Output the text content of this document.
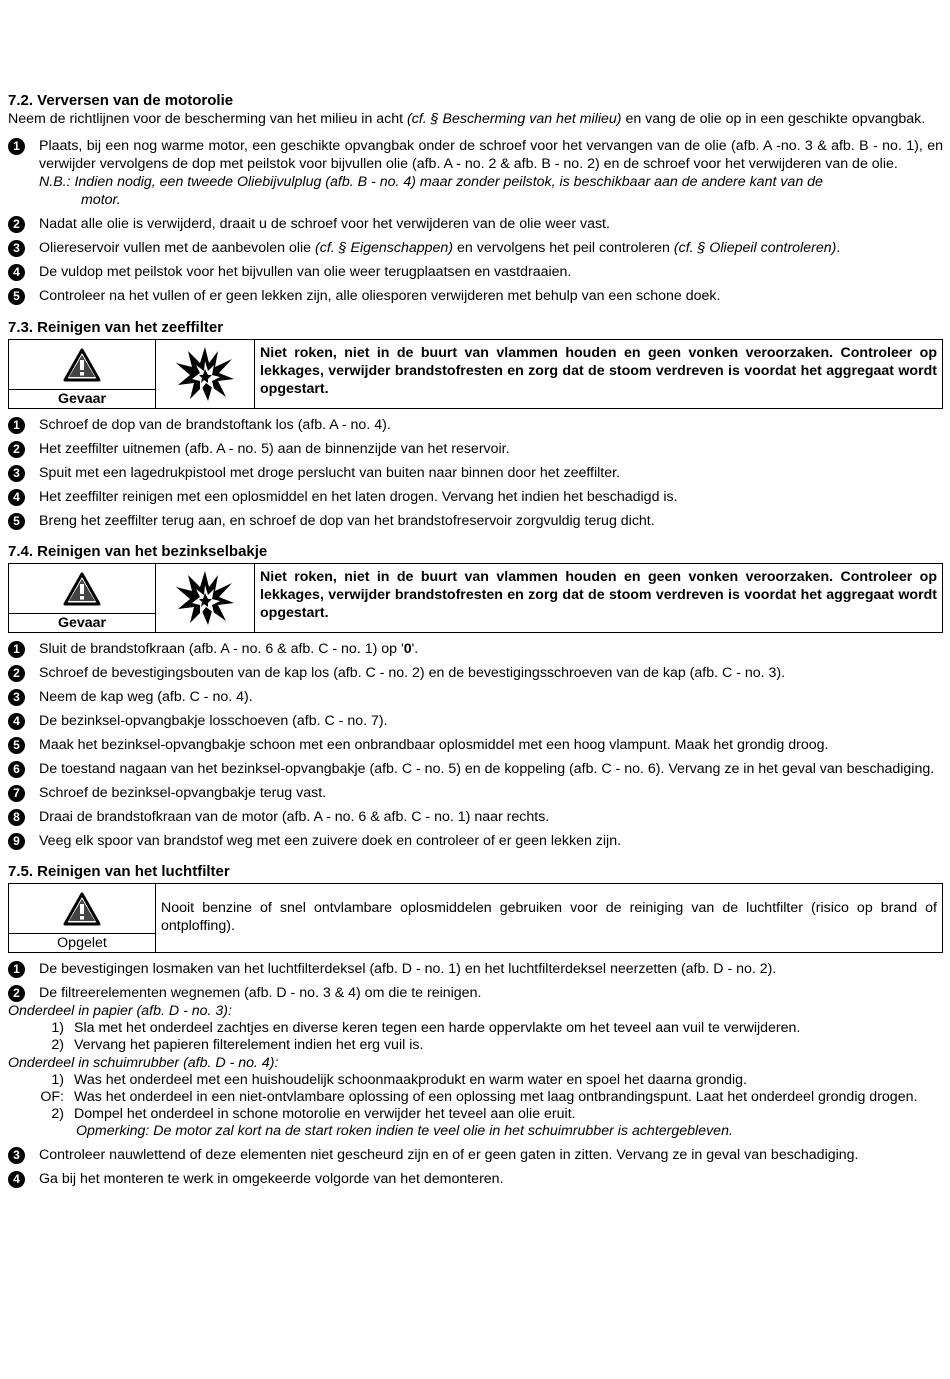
7.2. Verversen van de motorolie

Neem de richtlijnen voor de bescherming van het milieu in acht (cf. § Bescherming van het milieu) en vang de olie op in een geschikte opvangbak.

1	Plaats, bij een nog warme motor, een geschikte opvangbak onder de schroef voor het vervangen van de olie (afb. A -no. 3 & afb. B - no. 1), en verwijder vervolgens de dop met peilstok voor bijvullen olie (afb. A - no. 2 & afb. B - no. 2) en de schroef voor het verwijderen van de olie.
N.B.: Indien nodig, een tweede Oliebijvulplug (afb. B - no. 4) maar zonder peilstok, is beschikbaar aan de andere kant van de
motor.
2	Nadat alle olie is verwijderd, draait u de schroef voor het verwijderen van de olie weer vast.
3	Oliereservoir vullen met de aanbevolen olie (cf. § Eigenschappen) en vervolgens het peil controleren (cf. § Oliepeil controleren).
4	De vuldop met peilstok voor het bijvullen van olie weer terugplaatsen en vastdraaien.
5	Controleer na het vullen of er geen lekken zijn, alle oliesporen verwijderen met behulp van een schone doek.
7.3. Reinigen van het zeeffilter
Gevaar
Niet roken, niet in de buurt van vlammen houden en geen vonken veroorzaken. Controleer op lekkages, verwijder brandstofresten en zorg dat de stoom verdreven is voordat het aggregaat wordt opgestart.
1	Schroef de dop van de brandstoftank los (afb. A - no. 4).
2	Het zeeffilter uitnemen (afb. A - no. 5) aan de binnenzijde van het reservoir.
3	Spuit met een lagedrukpistool met droge perslucht van buiten naar binnen door het zeeffilter.
4	Het zeeffilter reinigen met een oplosmiddel en het laten drogen. Vervang het indien het beschadigd is.
5	Breng het zeeffilter terug aan, en schroef de dop van het brandstofreservoir zorgvuldig terug dicht.
7.4. Reinigen van het bezinkselbakje
Gevaar
Niet roken, niet in de buurt van vlammen houden en geen vonken veroorzaken. Controleer op lekkages, verwijder brandstofresten en zorg dat de stoom verdreven is voordat het aggregaat wordt opgestart.
1	Sluit de brandstofkraan (afb. A - no. 6 & afb. C - no. 1) op '0'.
2	Schroef de bevestigingsbouten van de kap los (afb. C - no. 2) en de bevestigingsschroeven van de kap (afb. C - no. 3).
3	Neem de kap weg (afb. C - no. 4).
4	De bezinksel-opvangbakje losschoeven (afb. C - no. 7).
5	Maak het bezinksel-opvangbakje schoon met een onbrandbaar oplosmiddel met een hoog vlampunt. Maak het grondig droog.
6	De toestand nagaan van het bezinksel-opvangbakje (afb. C - no. 5) en de koppeling (afb. C - no. 6). Vervang ze in het geval van beschadiging.
7	Schroef de bezinksel-opvangbakje terug vast.
8	Draai de brandstofkraan van de motor (afb. A - no. 6 & afb. C - no. 1) naar rechts.
9	Veeg elk spoor van brandstof weg met een zuivere doek en controleer of er geen lekken zijn.
7.5. Reinigen van het luchtfilter
Opgelet
Nooit benzine of snel ontvlambare oplosmiddelen gebruiken voor de reiniging van de luchtfilter (risico op brand of ontploffing).
1	De bevestigingen losmaken van het luchtfilterdeksel (afb. D - no. 1) en het luchtfilterdeksel neerzetten (afb. D - no. 2).
2	De filtreerelementen wegnemen (afb. D - no. 3 & 4) om die te reinigen.
Onderdeel in papier (afb. D - no. 3):
1) Sla met het onderdeel zachtjes en diverse keren tegen een harde oppervlakte om het teveel aan vuil te verwijderen.
2) Vervang het papieren filterelement indien het erg vuil is.
Onderdeel in schuimrubber (afb. D - no. 4):
1) Was het onderdeel met een huishoudelijk schoonmaakprodukt en warm water en spoel het daarna grondig.
OF: Was het onderdeel in een niet-ontvlambare oplossing of een oplossing met laag ontbrandingspunt. Laat het onderdeel grondig drogen.
2) Dompel het onderdeel in schone motorolie en verwijder het teveel aan olie eruit.
Opmerking: De motor zal kort na de start roken indien te veel olie in het schuimrubber is achtergebleven.
3	Controleer nauwlettend of deze elementen niet gescheurd zijn en of er geen gaten in zitten. Vervang ze in geval van beschadiging.
4	Ga bij het monteren te werk in omgekeerde volgorde van het demonteren.
